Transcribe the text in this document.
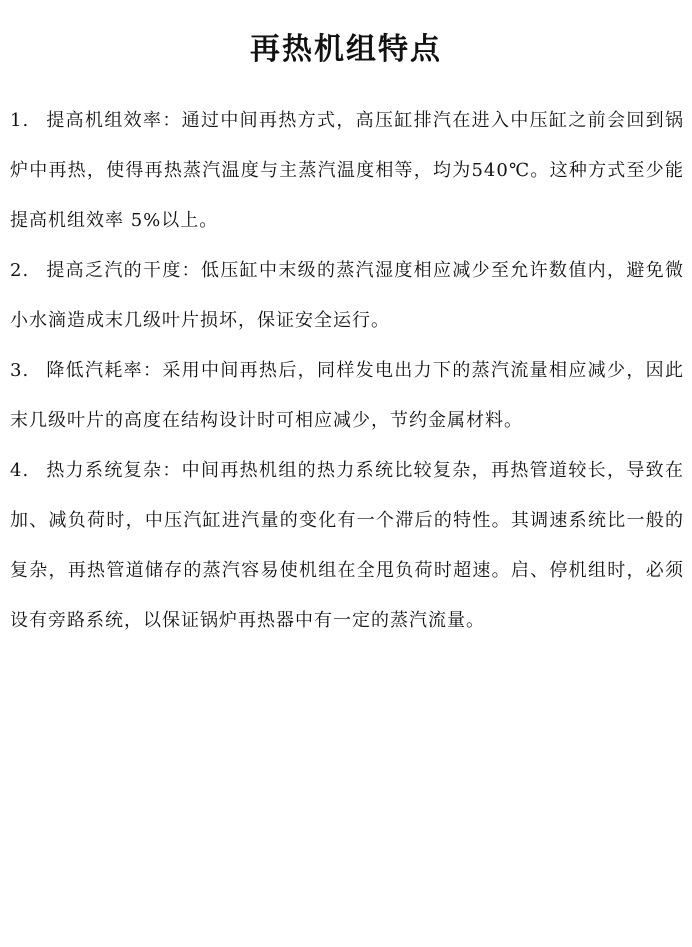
再热机组特点

1. 提高机组效率：通过中间再热方式，高压缸排汽在进入中压缸之前会回到锅炉中再热，使得再热蒸汽温度与主蒸汽温度相等，均为540℃。这种方式至少能提高机组效率 5%以上。

2. 提高乏汽的干度：低压缸中末级的蒸汽湿度相应减少至允许数值内，避免微小水滴造成末几级叶片损坏，保证安全运行。

3. 降低汽耗率：采用中间再热后，同样发电出力下的蒸汽流量相应减少，因此末几级叶片的高度在结构设计时可相应减少，节约金属材料。

4. 热力系统复杂：中间再热机组的热力系统比较复杂，再热管道较长，导致在加、减负荷时，中压汽缸进汽量的变化有一个滞后的特性。其调速系统比一般的复杂，再热管道储存的蒸汽容易使机组在全甩负荷时超速。启、停机组时，必须设有旁路系统，以保证锅炉再热器中有一定的蒸汽流量。
